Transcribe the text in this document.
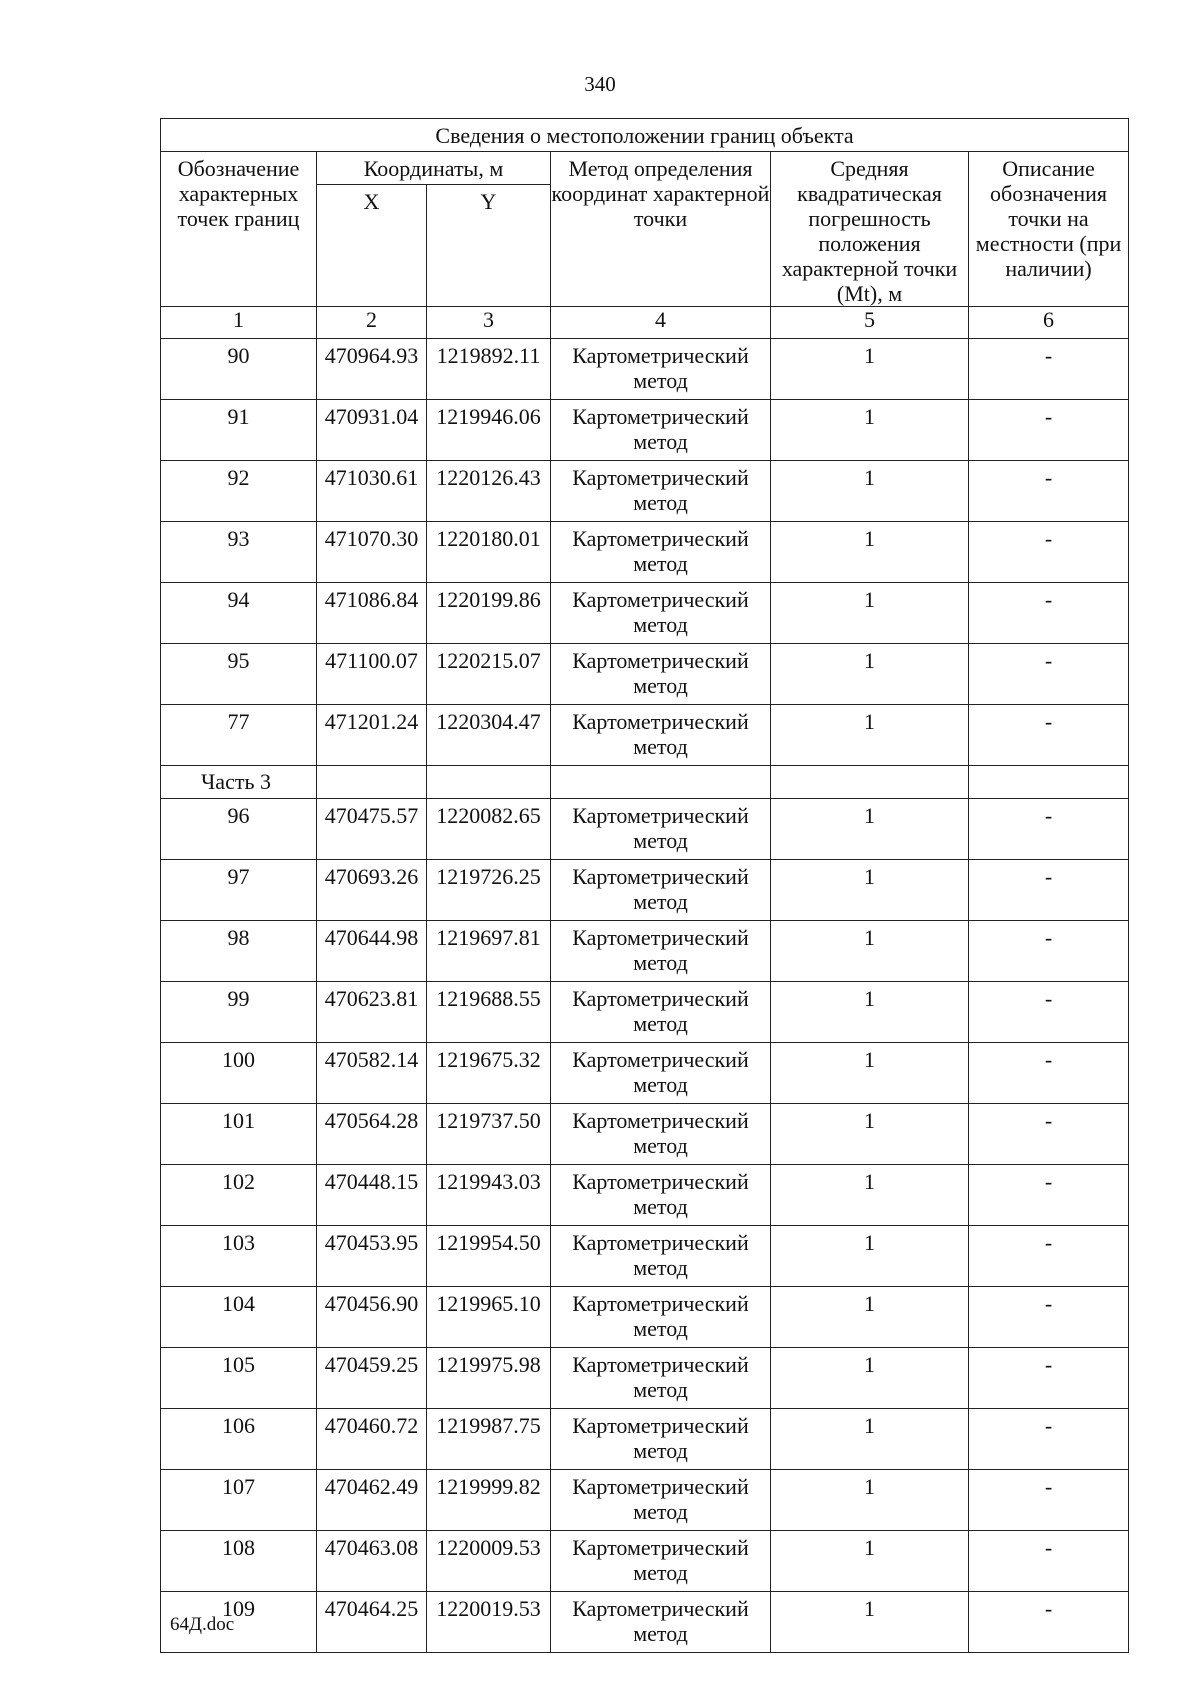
340
Сведения о местоположении границ объекта					
Обозначение характерных точек границ	Координаты, м		Метод определения координат характерной точки	Средняя квадратическая погрешность положения характерной точки (Mt), м	Описание обозначения точки на местности (при наличии)
	X	Y			
1	2	3	4	5	6
90	470964.93	1219892.11	Картометрический метод	1	-
91	470931.04	1219946.06	Картометрический метод	1	-
92	471030.61	1220126.43	Картометрический метод	1	-
93	471070.30	1220180.01	Картометрический метод	1	-
94	471086.84	1220199.86	Картометрический метод	1	-
95	471100.07	1220215.07	Картометрический метод	1	-
77	471201.24	1220304.47	Картометрический метод	1	-
Часть 3					
96	470475.57	1220082.65	Картометрический метод	1	-
97	470693.26	1219726.25	Картометрический метод	1	-
98	470644.98	1219697.81	Картометрический метод	1	-
99	470623.81	1219688.55	Картометрический метод	1	-
100	470582.14	1219675.32	Картометрический метод	1	-
101	470564.28	1219737.50	Картометрический метод	1	-
102	470448.15	1219943.03	Картометрический метод	1	-
103	470453.95	1219954.50	Картометрический метод	1	-
104	470456.90	1219965.10	Картометрический метод	1	-
105	470459.25	1219975.98	Картометрический метод	1	-
106	470460.72	1219987.75	Картометрический метод	1	-
107	470462.49	1219999.82	Картометрический метод	1	-
108	470463.08	1220009.53	Картометрический метод	1	-
109	470464.25	1220019.53	Картометрический метод	1	-
64Д.doc
